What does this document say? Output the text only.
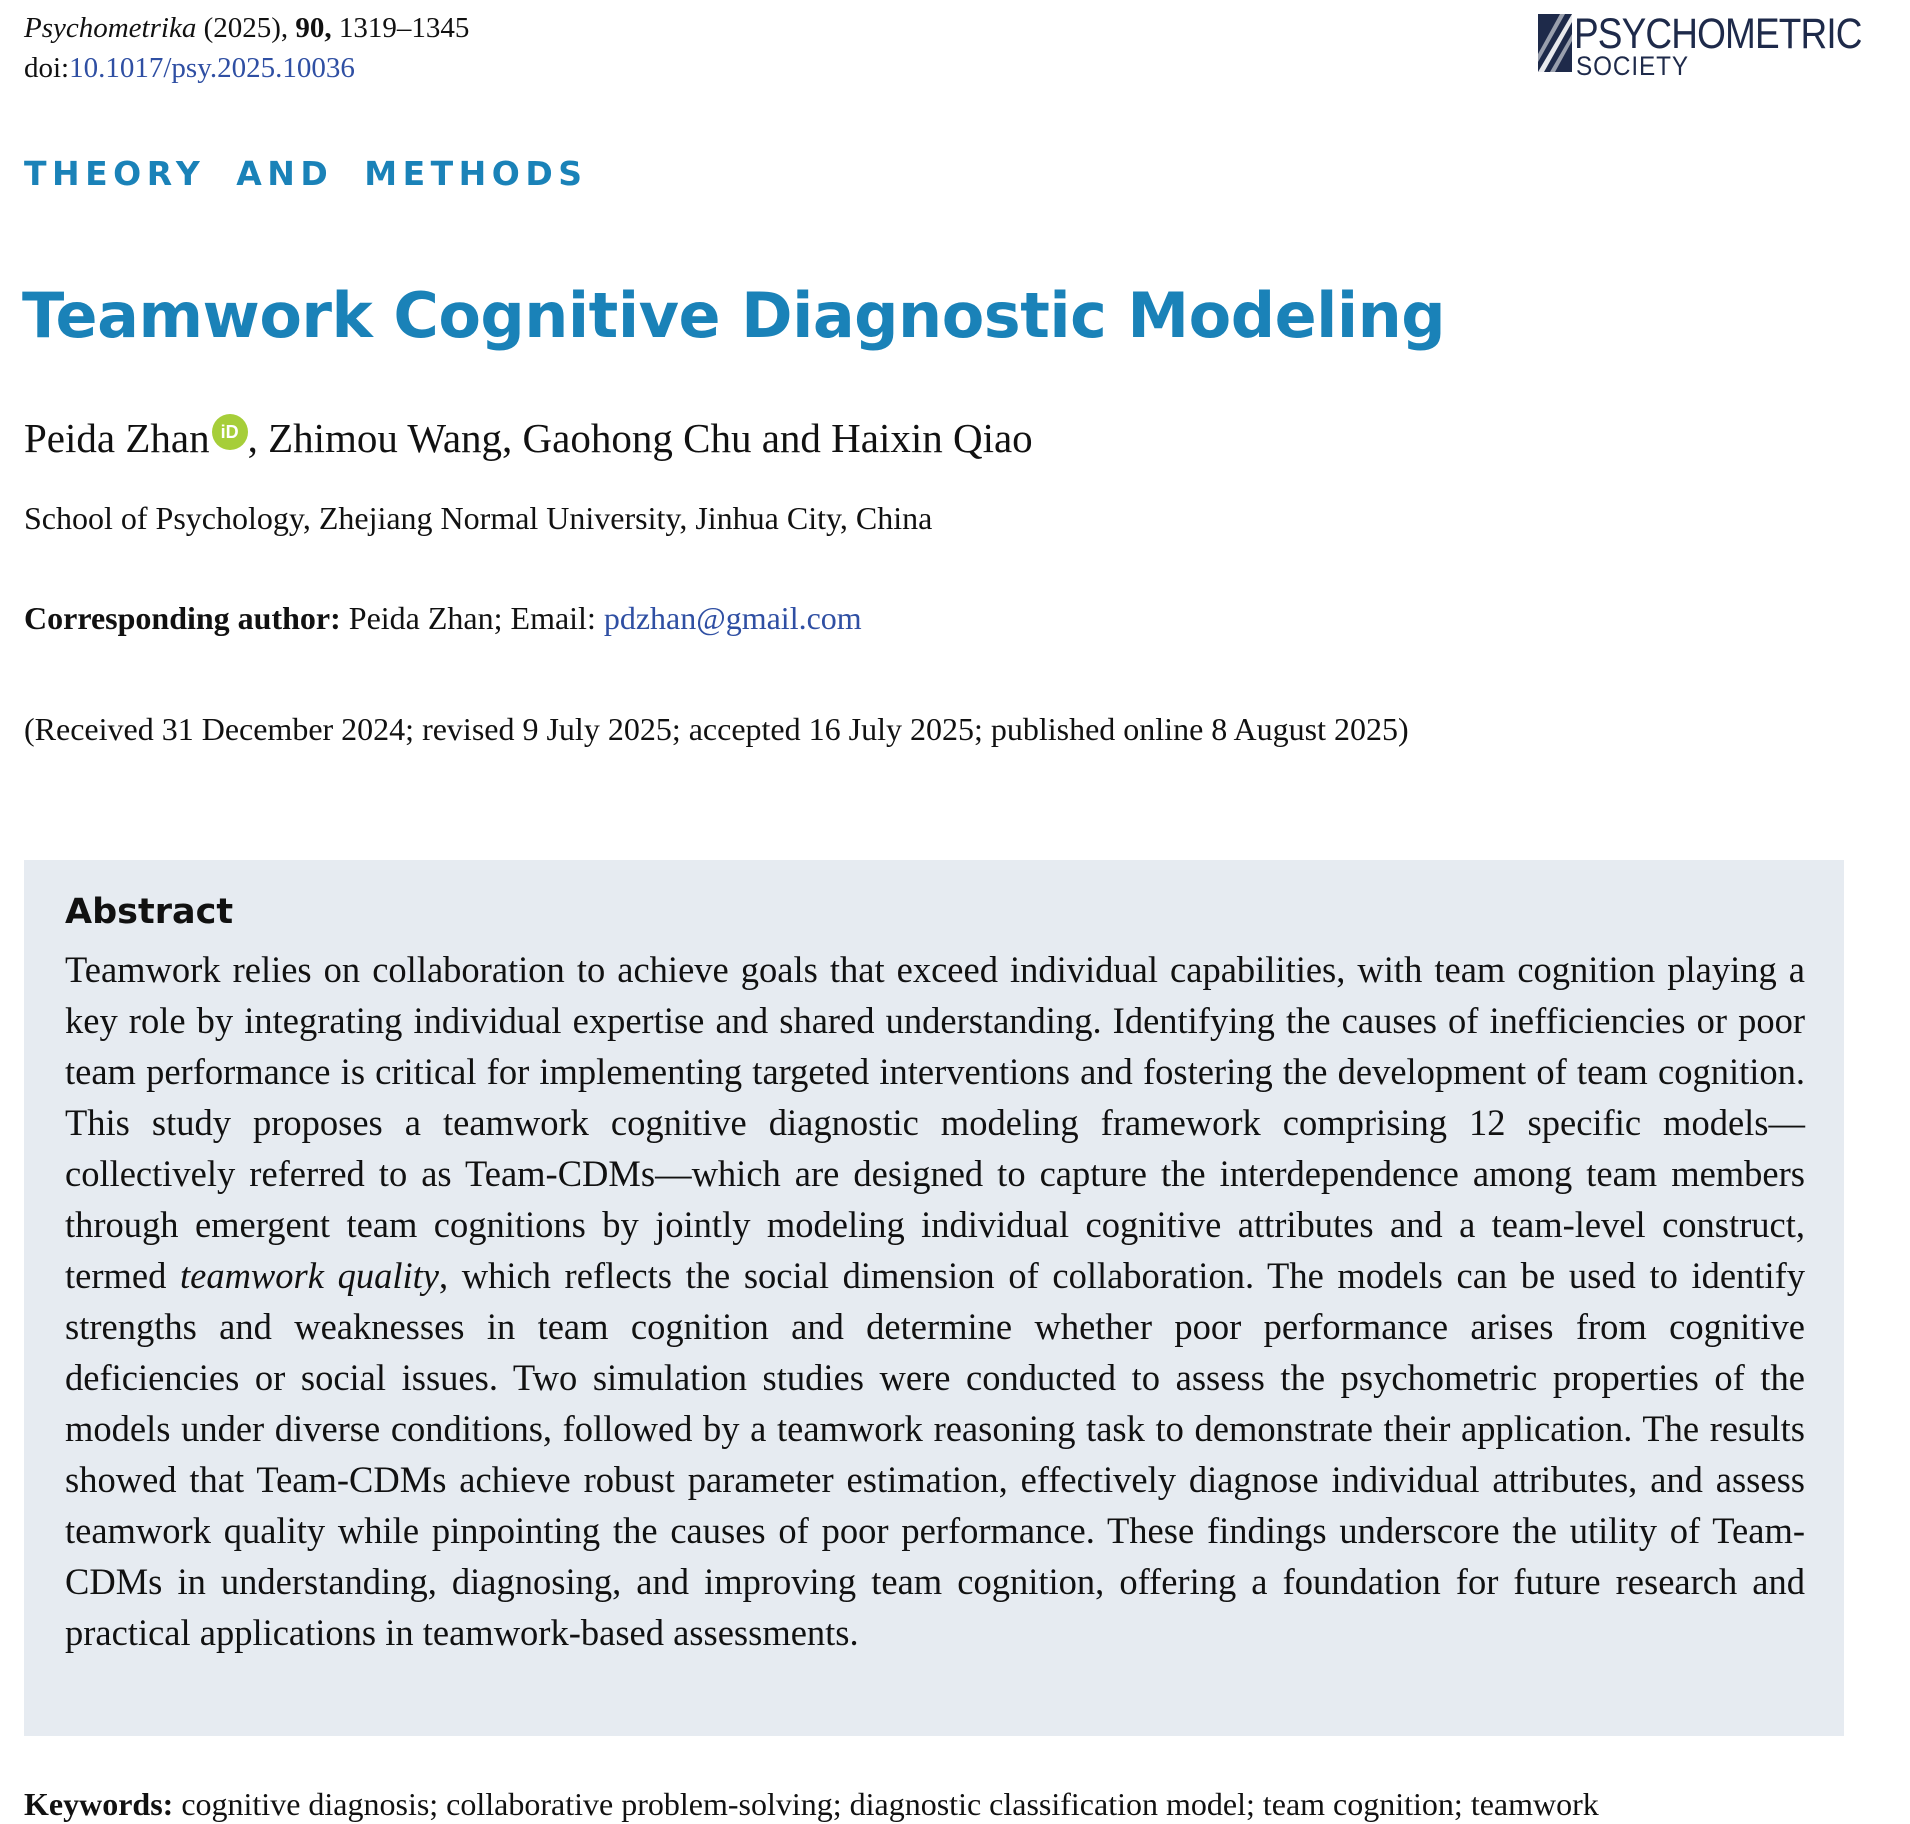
Psychometrika (2025), 90, 1319–1345
doi:10.1017/psy.2025.10036
PSYCHOMETRIC
SOCIETY
THEORY AND METHODS
Teamwork Cognitive Diagnostic Modeling
Peida Zhan iD , Zhimou Wang, Gaohong Chu and Haixin Qiao
School of Psychology, Zhejiang Normal University, Jinhua City, China
Corresponding author: Peida Zhan; Email: pdzhan@gmail.com
(Received 31 December 2024; revised 9 July 2025; accepted 16 July 2025; published online 8 August 2025)
Abstract
Teamwork relies on collaboration to achieve goals that exceed individual capabilities, with team cognition playing a key role by integrating individual expertise and shared understanding. Identifying the causes of inefficiencies or poor team performance is critical for implementing targeted interventions and fostering the development of team cognition. This study proposes a teamwork cognitive diagnostic modeling framework comprising 12 specific models—collectively referred to as Team-CDMs—which are designed to capture the interdependence among team members through emergent team cognitions by jointly modeling individual cognitive attributes and a team-level construct, termed teamwork quality, which reflects the social dimension of collaboration. The models can be used to identify strengths and weaknesses in team cognition and determine whether poor performance arises from cognitive deficiencies or social issues. Two simulation studies were conducted to assess the psychometric properties of the models under diverse conditions, followed by a teamwork reasoning task to demonstrate their application. The results showed that Team-CDMs achieve robust parameter estimation, effectively diagnose individual attributes, and assess teamwork quality while pinpointing the causes of poor performance. These findings underscore the utility of Team-CDMs in understanding, diagnosing, and improving team cognition, offering a foundation for future research and practical applications in teamwork-based assessments.
Keywords: cognitive diagnosis; collaborative problem-solving; diagnostic classification model; team cognition; teamwork
